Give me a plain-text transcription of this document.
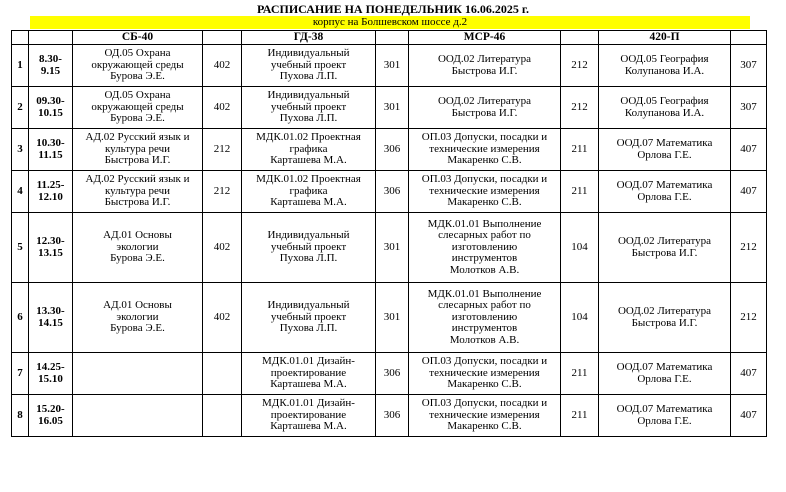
РАСПИСАНИЕ НА ПОНЕДЕЛЬНИК 16.06.2025 г.
корпус на Болшевском шоссе д.2
		СБ-40		ГД-38		МСР-46		420-П	
1	8.30-
9.15	ОД.05 Охрана
окружающей среды
Бурова Э.Е.	402	Индивидуальный
учебный проект
Пухова Л.П.	301	ООД.02 Литература
Быстрова И.Г.	212	ООД.05 География
Колупанова И.А.	307
2	09.30-
10.15	ОД.05 Охрана
окружающей среды
Бурова Э.Е.	402	Индивидуальный
учебный проект
Пухова Л.П.	301	ООД.02 Литература
Быстрова И.Г.	212	ООД.05 География
Колупанова И.А.	307
3	10.30-
11.15	АД.02 Русский язык и
культура речи
Быстрова И.Г.	212	МДК.01.02 Проектная
графика
Карташева М.А.	306	ОП.03 Допуски, посадки и
технические измерения
Макаренко С.В.	211	ООД.07 Математика
Орлова Г.Е.	407
4	11.25-
12.10	АД.02 Русский язык и
культура речи
Быстрова И.Г.	212	МДК.01.02 Проектная
графика
Карташева М.А.	306	ОП.03 Допуски, посадки и
технические измерения
Макаренко С.В.	211	ООД.07 Математика
Орлова Г.Е.	407
5	12.30-
13.15	АД.01 Основы
экологии
Бурова Э.Е.	402	Индивидуальный
учебный проект
Пухова Л.П.	301	МДК.01.01 Выполнение
слесарных работ по
изготовлению
инструментов
Молотков А.В.	104	ООД.02 Литература
Быстрова И.Г.	212
6	13.30-
14.15	АД.01 Основы
экологии
Бурова Э.Е.	402	Индивидуальный
учебный проект
Пухова Л.П.	301	МДК.01.01 Выполнение
слесарных работ по
изготовлению
инструментов
Молотков А.В.	104	ООД.02 Литература
Быстрова И.Г.	212
7	14.25-
15.10			МДК.01.01 Дизайн-
проектирование
Карташева М.А.	306	ОП.03 Допуски, посадки и
технические измерения
Макаренко С.В.	211	ООД.07 Математика
Орлова Г.Е.	407
8	15.20-
16.05			МДК.01.01 Дизайн-
проектирование
Карташева М.А.	306	ОП.03 Допуски, посадки и
технические измерения
Макаренко С.В.	211	ООД.07 Математика
Орлова Г.Е.	407
